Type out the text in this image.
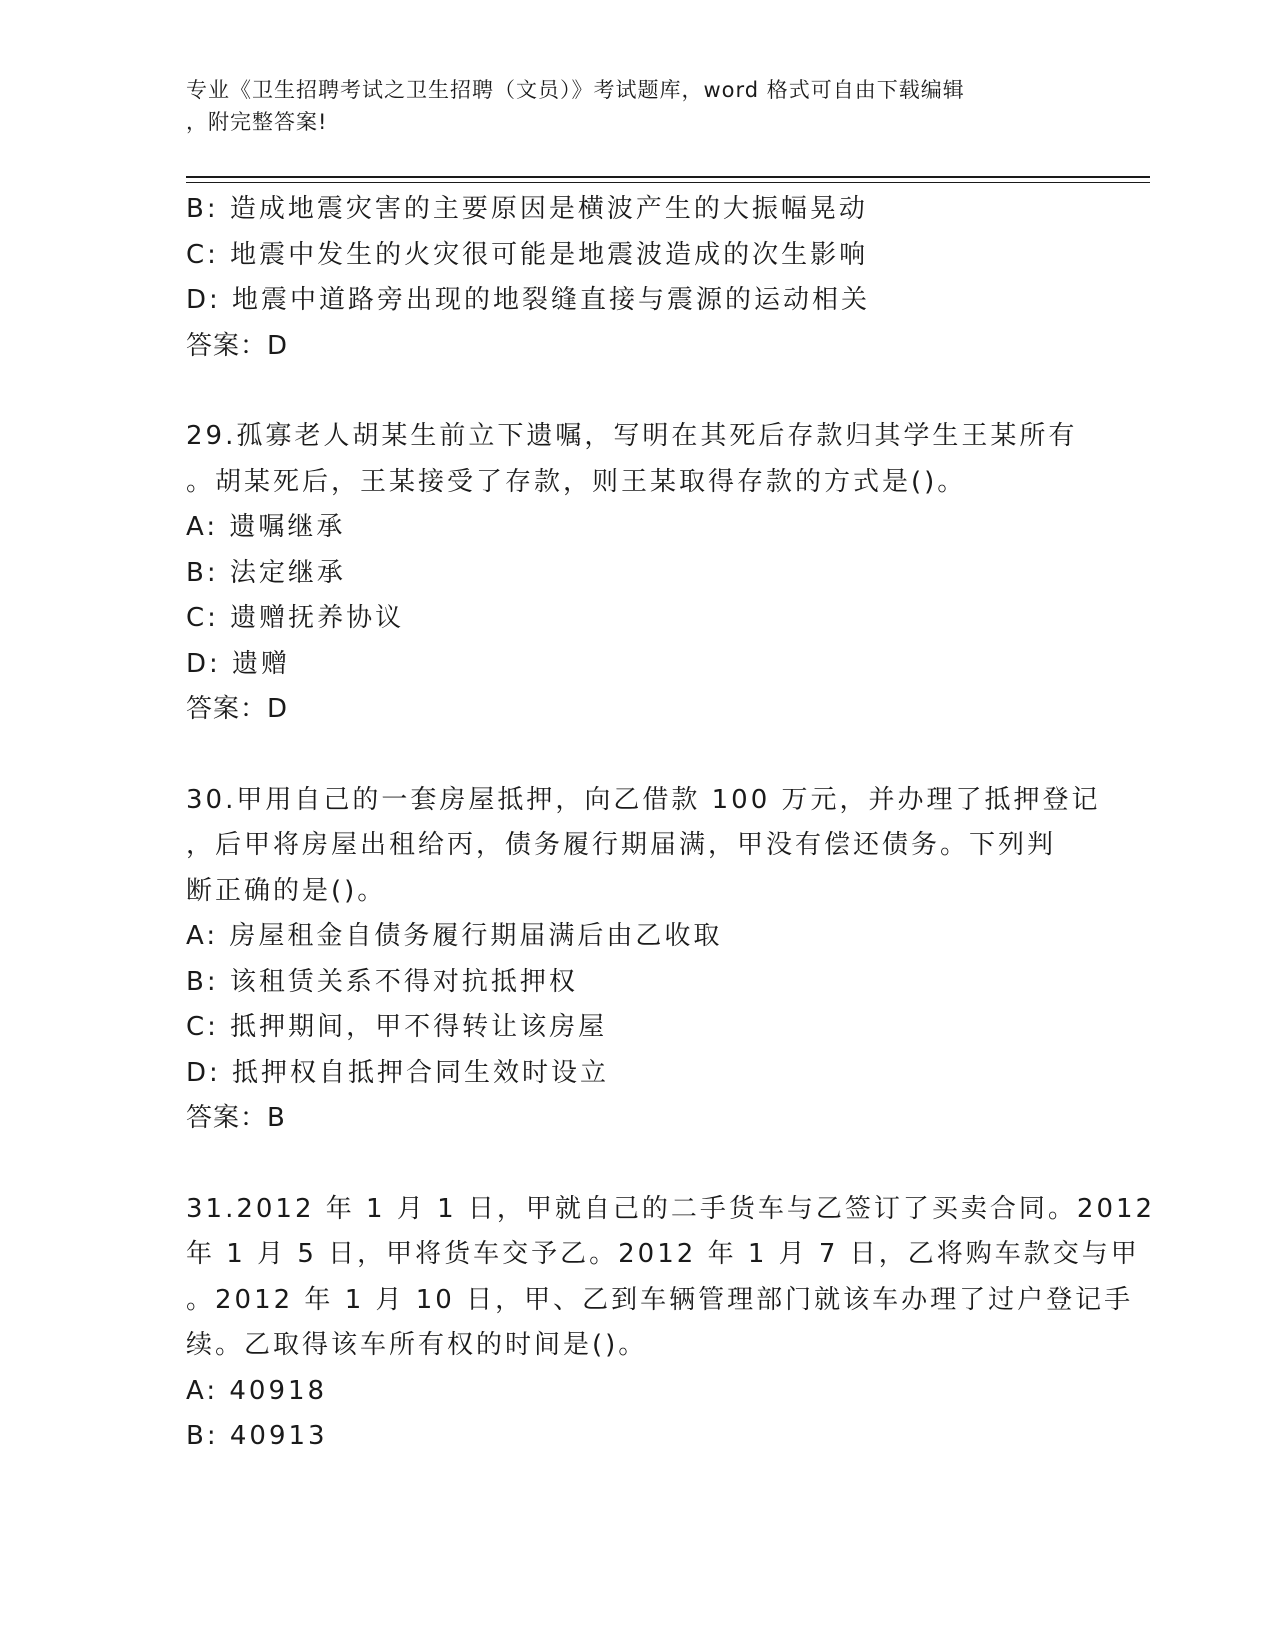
专业《卫生招聘考试之卫生招聘（文员）》考试题库，word 格式可自由下载编辑
，附完整答案!
B: 造成地震灾害的主要原因是横波产生的大振幅晃动
C: 地震中发生的火灾很可能是地震波造成的次生影响
D: 地震中道路旁出现的地裂缝直接与震源的运动相关
答案：D
29.孤寡老人胡某生前立下遗嘱，写明在其死后存款归其学生王某所有
。胡某死后，王某接受了存款，则王某取得存款的方式是()。
A: 遗嘱继承
B: 法定继承
C: 遗赠抚养协议
D: 遗赠
答案：D
30.甲用自己的一套房屋抵押，向乙借款 100 万元，并办理了抵押登记
，后甲将房屋出租给丙，债务履行期届满，甲没有偿还债务。下列判
断正确的是()。
A: 房屋租金自债务履行期届满后由乙收取
B: 该租赁关系不得对抗抵押权
C: 抵押期间，甲不得转让该房屋
D: 抵押权自抵押合同生效时设立
答案：B
31.2012 年 1 月 1 日，甲就自己的二手货车与乙签订了买卖合同。2012
年 1 月 5 日，甲将货车交予乙。2012 年 1 月 7 日，乙将购车款交与甲
。2012 年 1 月 10 日，甲、乙到车辆管理部门就该车办理了过户登记手
续。乙取得该车所有权的时间是()。
A: 40918
B: 40913
